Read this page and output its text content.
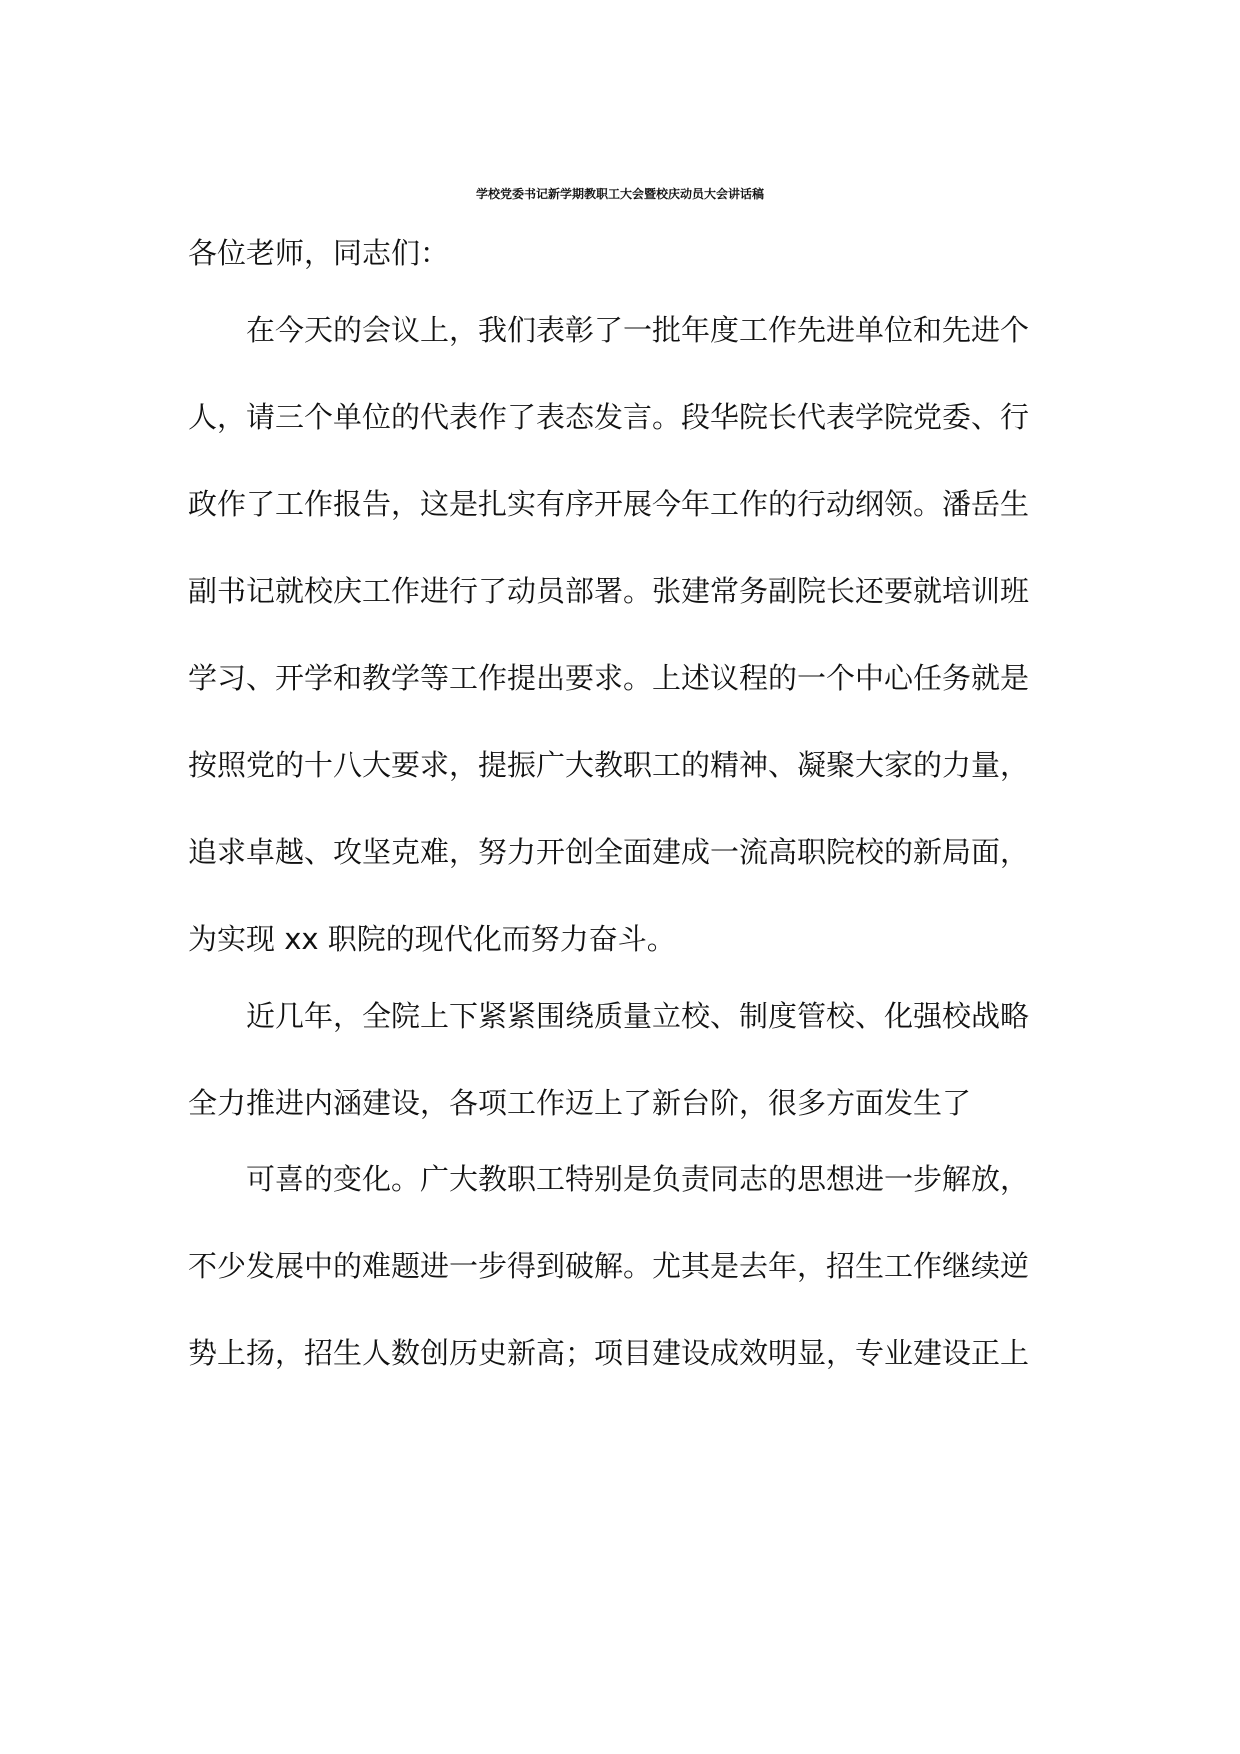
学校党委书记新学期教职工大会暨校庆动员大会讲话稿
各位老师，同志们：
在今天的会议上，我们表彰了一批年度工作先进单位和先进个
人，请三个单位的代表作了表态发言。段华院长代表学院党委、行
政作了工作报告，这是扎实有序开展今年工作的行动纲领。潘岳生
副书记就校庆工作进行了动员部署。张建常务副院长还要就培训班
学习、开学和教学等工作提出要求。上述议程的一个中心任务就是
按照党的十八大要求，提振广大教职工的精神、凝聚大家的力量，
追求卓越、攻坚克难，努力开创全面建成一流高职院校的新局面，
为实现 xx 职院的现代化而努力奋斗。
近几年，全院上下紧紧围绕质量立校、制度管校、化强校战略
全力推进内涵建设，各项工作迈上了新台阶，很多方面发生了
可喜的变化。广大教职工特别是负责同志的思想进一步解放，
不少发展中的难题进一步得到破解。尤其是去年，招生工作继续逆
势上扬，招生人数创历史新高；项目建设成效明显，专业建设正上
